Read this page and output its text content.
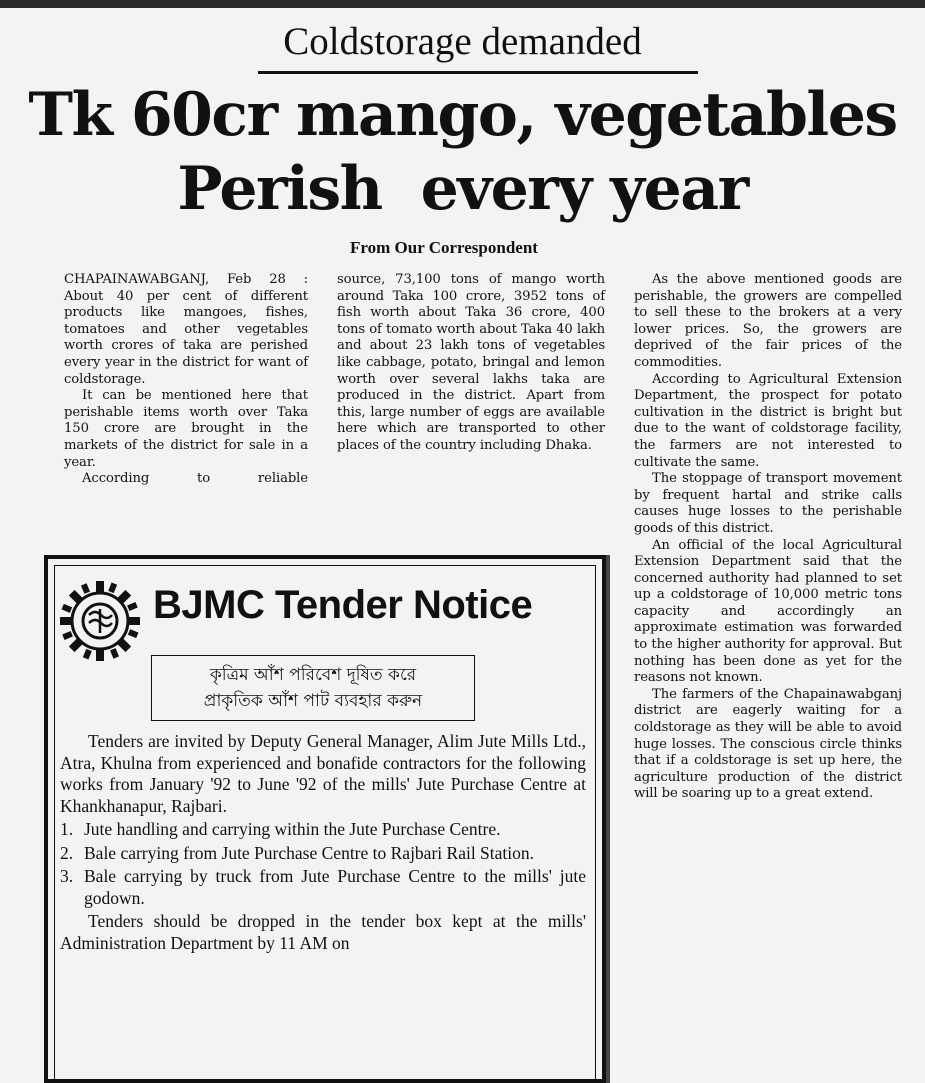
Coldstorage demanded
Tk 60cr mango, vegetables
Perish  every year
From Our Correspondent

CHAPAINAWABGANJ, Feb 28 : About 40 per cent of different products like mangoes, fishes, tomatoes and other vegetables worth crores of taka are perished every year in the district for want of coldstorage.

It can be mentioned here that perishable items worth over Taka 150 crore are brought in the markets of the district for sale in a year.

According to reliable

source, 73,100 tons of mango worth around Taka 100 crore, 3952 tons of fish worth about Taka 36 crore, 400 tons of tomato worth about Taka 40 lakh and about 23 lakh tons of vegetables like cabbage, potato, bringal and lemon worth over several lakhs taka are produced in the district. Apart from this, large number of eggs are available here which are transported to other places of the country including Dhaka.

As the above mentioned goods are perishable, the growers are compelled to sell these to the brokers at a very lower prices. So, the growers are deprived of the fair prices of the commodities.

According to Agricultural Extension Department, the prospect for potato cultivation in the district is bright but due to the want of coldstorage facility, the farmers are not interested to cultivate the same.

The stoppage of transport movement by frequent hartal and strike calls causes huge losses to the perishable goods of this district.

An official of the local Agricultural Extension Department said that the concerned authority had planned to set up a coldstorage of 10,000 metric tons capacity and accordingly an approximate estimation was forwarded to the higher authority for approval. But nothing has been done as yet for the reasons not known.

The farmers of the Chapainawabganj district are eagerly waiting for a coldstorage as they will be able to avoid huge losses. The conscious circle thinks that if a coldstorage is set up here, the agriculture production of the district will be soaring up to a great extend.

BJMC Tender Notice
কৃত্রিম আঁশ পরিবেশ দূষিত করে
প্রাকৃতিক আঁশ পাট ব্যবহার করুন

Tenders are invited by Deputy General Manager, Alim Jute Mills Ltd., Atra, Khulna from experienced and bonafide contractors for the following works from January '92 to June '92 of the mills' Jute Purchase Centre at Khankhanapur, Rajbari.

1. Jute handling and carrying within the Jute Purchase Centre.
2. Bale carrying from Jute Purchase Centre to Rajbari Rail Station.
3. Bale carrying by truck from Jute Purchase Centre to the mills' jute godown.

Tenders should be dropped in the tender box kept at the mills' Administration Department by 11 AM on
